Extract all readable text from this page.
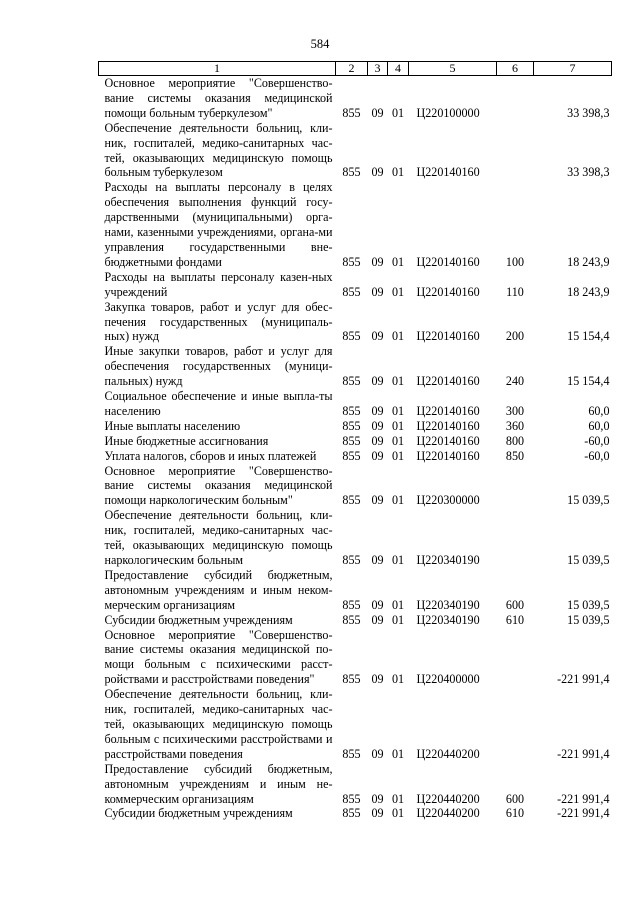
584
1	2	3	4	5	6	7
Основное мероприятие "Совершенство-вание системы оказания медицинской помощи больным туберкулезом"	855	09	01	Ц220100000		33 398,3
Обеспечение деятельности больниц, кли-ник, госпиталей, медико-санитарных час-тей, оказывающих медицинскую помощь больным туберкулезом	855	09	01	Ц220140160		33 398,3
Расходы на выплаты персоналу в целях обеспечения выполнения функций госу-дарственными (муниципальными) орга-нами, казенными учреждениями, органа-ми управления государственными вне-бюджетными фондами	855	09	01	Ц220140160	100	18 243,9
Расходы на выплаты персоналу казен-ных учреждений	855	09	01	Ц220140160	110	18 243,9
Закупка товаров, работ и услуг для обес-печения государственных (муниципаль-ных) нужд	855	09	01	Ц220140160	200	15 154,4
Иные закупки товаров, работ и услуг для обеспечения государственных (муници-пальных) нужд	855	09	01	Ц220140160	240	15 154,4
Социальное обеспечение и иные выпла-ты населению	855	09	01	Ц220140160	300	60,0
Иные выплаты населению	855	09	01	Ц220140160	360	60,0
Иные бюджетные ассигнования	855	09	01	Ц220140160	800	-60,0
Уплата налогов, сборов и иных платежей	855	09	01	Ц220140160	850	-60,0
Основное мероприятие "Совершенство-вание системы оказания медицинской помощи наркологическим больным"	855	09	01	Ц220300000		15 039,5
Обеспечение деятельности больниц, кли-ник, госпиталей, медико-санитарных час-тей, оказывающих медицинскую помощь наркологическим больным	855	09	01	Ц220340190		15 039,5
Предоставление субсидий бюджетным, автономным учреждениям и иным неком-мерческим организациям	855	09	01	Ц220340190	600	15 039,5
Субсидии бюджетным учреждениям	855	09	01	Ц220340190	610	15 039,5
Основное мероприятие "Совершенство-вание системы оказания медицинской по-мощи больным с психическими расст-ройствами и расстройствами поведения"	855	09	01	Ц220400000		-221 991,4
Обеспечение деятельности больниц, кли-ник, госпиталей, медико-санитарных час-тей, оказывающих медицинскую помощь больным с психическими расстройствами и расстройствами поведения	855	09	01	Ц220440200		-221 991,4
Предоставление субсидий бюджетным, автономным учреждениям и иным не-коммерческим организациям	855	09	01	Ц220440200	600	-221 991,4
Субсидии бюджетным учреждениям	855	09	01	Ц220440200	610	-221 991,4
